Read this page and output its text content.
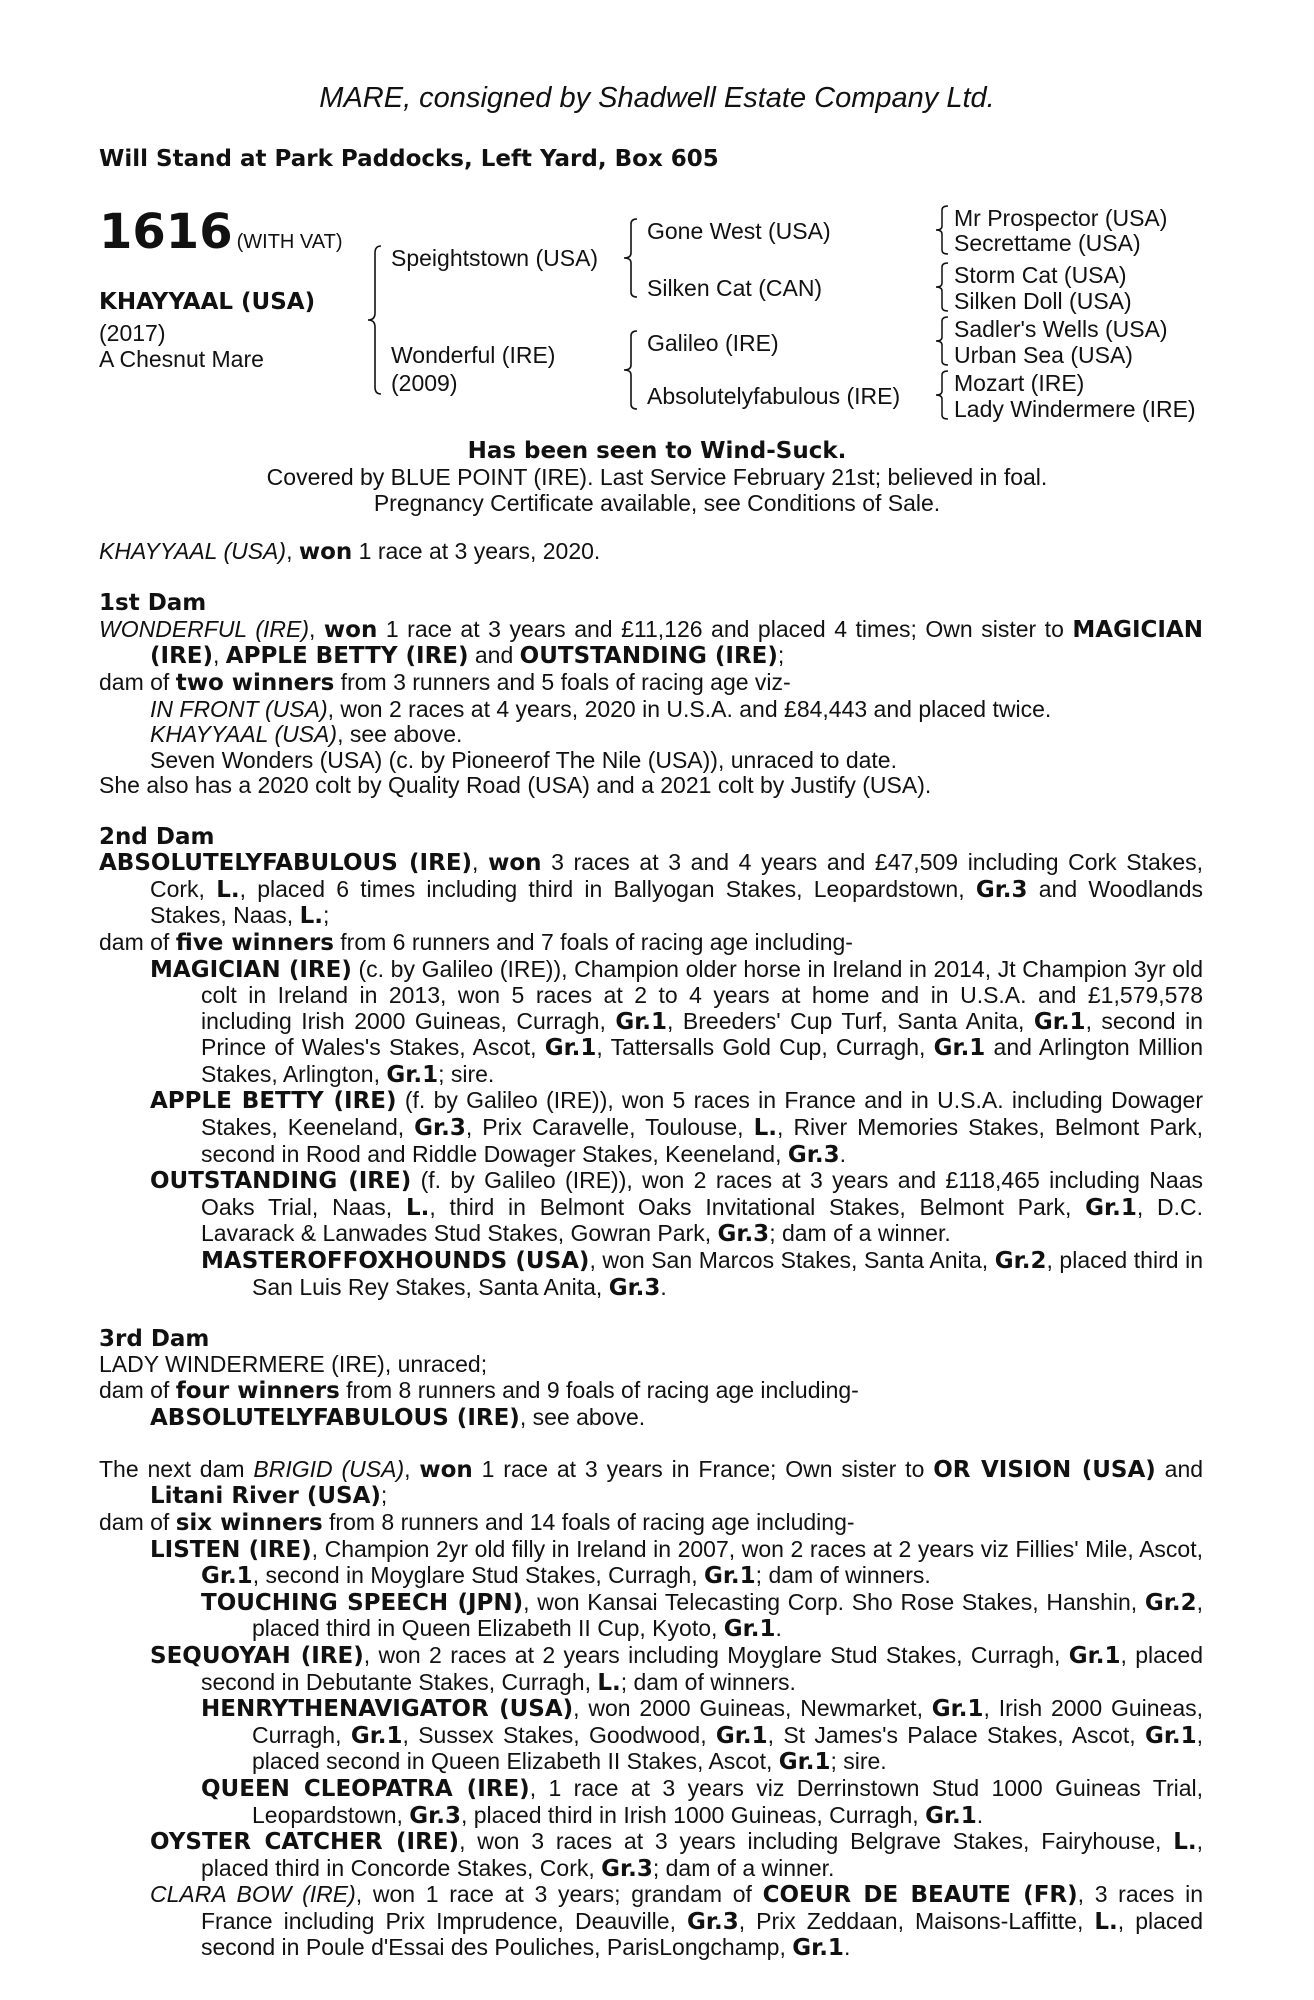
MARE, consigned by Shadwell Estate Company Ltd.
Will Stand at Park Paddocks, Left Yard, Box 605
1616 (WITH VAT)
KHAYYAAL (USA)
(2017)
A Chesnut Mare
Speightstown (USA)
Wonderful (IRE)
(2009)
Gone West (USA)
Silken Cat (CAN)
Galileo (IRE)
Absolutelyfabulous (IRE)
Mr Prospector (USA)
Secrettame (USA)
Storm Cat (USA)
Silken Doll (USA)
Sadler's Wells (USA)
Urban Sea (USA)
Mozart (IRE)
Lady Windermere (IRE)
Has been seen to Wind-Suck.
Covered by BLUE POINT (IRE). Last Service February 21st; believed in foal.
Pregnancy Certificate available, see Conditions of Sale.

KHAYYAAL (USA), won 1 race at 3 years, 2020.

1st Dam

WONDERFUL (IRE), won 1 race at 3 years and £11,126 and placed 4 times; Own sister to MAGICIAN (IRE), APPLE BETTY (IRE) and OUTSTANDING (IRE);

dam of two winners from 3 runners and 5 foals of racing age viz-

IN FRONT (USA), won 2 races at 4 years, 2020 in U.S.A. and £84,443 and placed twice.

KHAYYAAL (USA), see above.

Seven Wonders (USA) (c. by Pioneerof The Nile (USA)), unraced to date.

She also has a 2020 colt by Quality Road (USA) and a 2021 colt by Justify (USA).

2nd Dam

ABSOLUTELYFABULOUS (IRE), won 3 races at 3 and 4 years and £47,509 including Cork Stakes, Cork, L., placed 6 times including third in Ballyogan Stakes, Leopardstown, Gr.3 and Woodlands Stakes, Naas, L.;

dam of five winners from 6 runners and 7 foals of racing age including-

MAGICIAN (IRE) (c. by Galileo (IRE)), Champion older horse in Ireland in 2014, Jt Champion 3yr old colt in Ireland in 2013, won 5 races at 2 to 4 years at home and in U.S.A. and £1,579,578 including Irish 2000 Guineas, Curragh, Gr.1, Breeders' Cup Turf, Santa Anita, Gr.1, second in Prince of Wales's Stakes, Ascot, Gr.1, Tattersalls Gold Cup, Curragh, Gr.1 and Arlington Million Stakes, Arlington, Gr.1; sire.

APPLE BETTY (IRE) (f. by Galileo (IRE)), won 5 races in France and in U.S.A. including Dowager Stakes, Keeneland, Gr.3, Prix Caravelle, Toulouse, L., River Memories Stakes, Belmont Park, second in Rood and Riddle Dowager Stakes, Keeneland, Gr.3.

OUTSTANDING (IRE) (f. by Galileo (IRE)), won 2 races at 3 years and £118,465 including Naas Oaks Trial, Naas, L., third in Belmont Oaks Invitational Stakes, Belmont Park, Gr.1, D.C. Lavarack & Lanwades Stud Stakes, Gowran Park, Gr.3; dam of a winner.

MASTEROFFOXHOUNDS (USA), won San Marcos Stakes, Santa Anita, Gr.2, placed third in San Luis Rey Stakes, Santa Anita, Gr.3.

3rd Dam

LADY WINDERMERE (IRE), unraced;

dam of four winners from 8 runners and 9 foals of racing age including-

ABSOLUTELYFABULOUS (IRE), see above.

The next dam BRIGID (USA), won 1 race at 3 years in France; Own sister to OR VISION (USA) and Litani River (USA);

dam of six winners from 8 runners and 14 foals of racing age including-

LISTEN (IRE), Champion 2yr old filly in Ireland in 2007, won 2 races at 2 years viz Fillies' Mile, Ascot, Gr.1, second in Moyglare Stud Stakes, Curragh, Gr.1; dam of winners.

TOUCHING SPEECH (JPN), won Kansai Telecasting Corp. Sho Rose Stakes, Hanshin, Gr.2, placed third in Queen Elizabeth II Cup, Kyoto, Gr.1.

SEQUOYAH (IRE), won 2 races at 2 years including Moyglare Stud Stakes, Curragh, Gr.1, placed second in Debutante Stakes, Curragh, L.; dam of winners.

HENRYTHENAVIGATOR (USA), won 2000 Guineas, Newmarket, Gr.1, Irish 2000 Guineas, Curragh, Gr.1, Sussex Stakes, Goodwood, Gr.1, St James's Palace Stakes, Ascot, Gr.1, placed second in Queen Elizabeth II Stakes, Ascot, Gr.1; sire.

QUEEN CLEOPATRA (IRE), 1 race at 3 years viz Derrinstown Stud 1000 Guineas Trial, Leopardstown, Gr.3, placed third in Irish 1000 Guineas, Curragh, Gr.1.

OYSTER CATCHER (IRE), won 3 races at 3 years including Belgrave Stakes, Fairyhouse, L., placed third in Concorde Stakes, Cork, Gr.3; dam of a winner.

CLARA BOW (IRE), won 1 race at 3 years; grandam of COEUR DE BEAUTE (FR), 3 races in France including Prix Imprudence, Deauville, Gr.3, Prix Zeddaan, Maisons-Laffitte, L., placed second in Poule d'Essai des Pouliches, ParisLongchamp, Gr.1.
